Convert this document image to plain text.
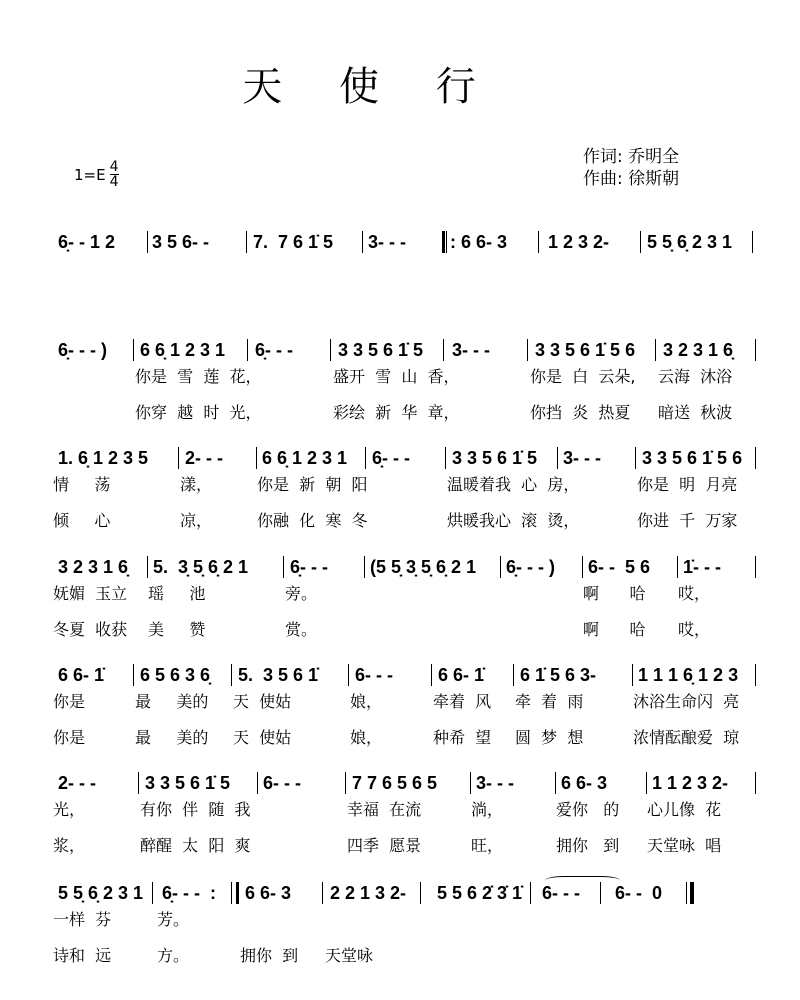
天 使 行
$1=E \frac{4}{4}$
作词: 乔明全
作曲: 徐斯朝
6̣- - 1 2 3 5 6- - 7.  7 6 1̇ 5 3- - - : 6 6- 3 1 2 3 2- 5 5̣ 6̣ 2 3 1
6̣- - - ) 6 6̣ 1 2 3 1
你是  雪  莲  花，
你穿  越  时  光，
6̣- - -	3 3 5 6 1̇ 5
盛开  雪  山  香，
彩绘  新  华  章，
3- - -	3 3 5 6 1̇ 5 6
你是  白  云朵,
你挡  炎  热夏
3 2 3 1 6̣
云海  沐浴
暗送  秋波
1. 6̣ 1 2 3 5
情     荡
倾     心
2- - -
漾，
凉，
6 6̣ 1 2 3 1
你是  新  朝  阳
你融  化  寒  冬
6̣- - - 3 3 5 6 1̇ 5
温暖着我  心  房，
烘暖我心  滚  烫，
3- - - 3 3 5 6 1̇ 5 6
你是  明  月亮
你进  千  万家
3 2 3 1 6̣
妩媚  玉立
冬夏  收获
5.  3̣ 5̣ 6̣ 2 1
瑶     池
美     赞
6̣- - -
旁。
赏。
(5 5̣ 3̣ 5̣ 6̣ 2 1 6̣- - - ) 6- -  5 6
啊      哈
啊      哈
1̇- - -
哎，
哎，
6 6- 1̇
你是
你是
6 5 6 3 6̣
最     美的
最     美的
5.  3 5 6 1̇
天  使姑
天  使姑
6- - -
娘，
娘，
6 6- 1̇
牵着  风
种希  望
6 1̇ 5 6 3-
牵  着  雨
圆  梦  想
1 1 1 6̣ 1 2 3
沐浴生命闪  亮
浓情酝酿爱  琼
2- - -
光，
浆，
3 3 5 6 1̇ 5
有你  伴  随  我
醉醒  太  阳  爽
6- - -	7 7 6 5 6 5
幸福  在流
四季  愿景
3- - -
淌，
旺，
6 6- 3
爱你   的
拥你   到
1 1 2 3 2-
心儿像  花
天堂咏  唱
5 5̣ 6̣ 2 3 1
一样  芬
诗和  远
6̣- - -  :
芳。
方。
6 6- 3
拥你  到
2 2 1 3 2-
天堂咏
5 5 6 2̇ 3̇ 1̇ 6- - - 6- -  0
